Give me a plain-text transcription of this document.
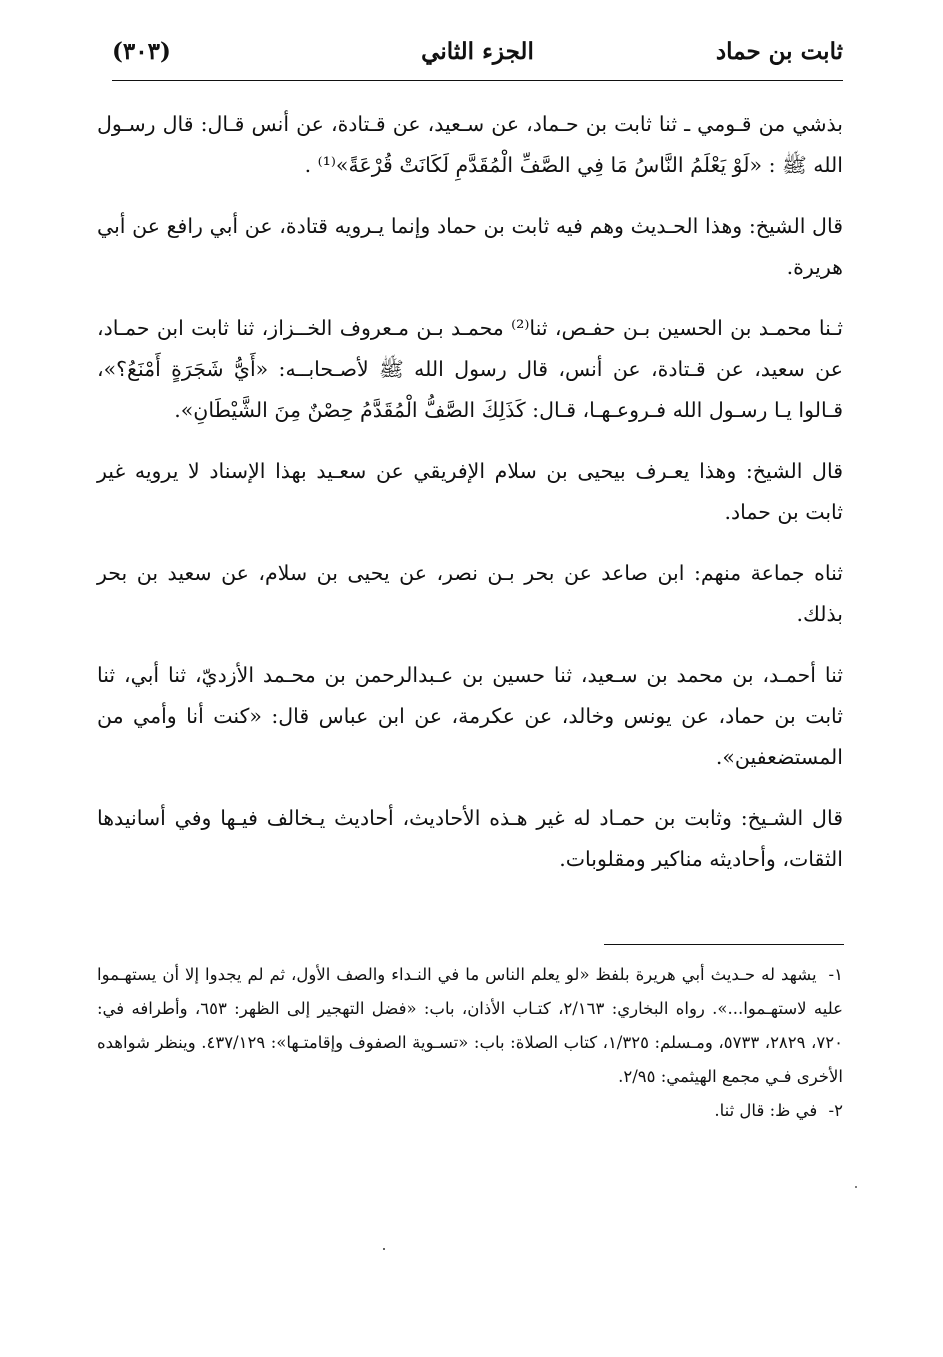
ثابت بن حماد
الجزء الثاني
(٣٠٣)

بذشي من قـومي ـ ثنا ثابت بن حـماد، عن سـعيد، عن قـتادة، عن أنس قـال: قال رسـول الله ﷺ : «لَوْ يَعْلَمُ النَّاسُ مَا فِي الصَّفِّ الْمُقَدَّمِ لَكَانَتْ قُرْعَةً»⁽¹⁾ .

قال الشيخ: وهذا الحـديث وهم فيه ثابت بن حماد وإنما يـرويه قتادة، عن أبي رافع عن أبي هريرة.

ثـنا محمـد بن الحسين بـن حفـص، ثنا⁽²⁾ محمـد بـن مـعروف الخــزاز، ثنا ثابت ابن حمـاد، عن سعيد، عن قـتادة، عن أنس، قال رسول الله ﷺ لأصـحابــه: «أَيُّ شَجَرَةٍ أَمْنَعُ؟»، قـالوا يـا رسـول الله فـروعـهـا، قـال: كَذَلِكَ الصَّفُّ الْمُقَدَّمُ حِصْنٌ مِنَ الشَّيْطَانِ».

قال الشيخ: وهذا يعـرف بيحيى بن سلام الإفريقي عن سعـيد بهذا الإسناد لا يرويه غير ثابت بن حماد.

ثناه جماعة منهم: ابن صاعد عن بحر بـن نصر، عن يحيى بن سلام، عن سعيد بن بحر بذلك.

ثنا أحمـد، بن محمد بن سـعيد، ثنا حسين بن عـبدالرحمن بن محـمد الأزديّ، ثنا أبي، ثنا ثابت بن حماد، عن يونس وخالد، عن عكرمة، عن ابن عباس قال: «كنت أنا وأمي من المستضعفين».

قال الشـيخ: وثابت بن حمـاد له غير هـذه الأحاديث، أحاديث يـخالف فيـها وفي أسانيدها الثقات، وأحاديثه مناكير ومقلوبات.

١- يشهد له حـديث أبي هريرة بلفظ «لو يعلم الناس ما في النـداء والصف الأول، ثم لم يجدوا إلا أن يستهـموا عليه لاستهـموا...». رواه البخاري: ٢/١٦٣، كتـاب الأذان، باب: «فضل التهجير إلى الظهر: ٦٥٣، وأطرافه في: ٧٢٠، ٢٨٢٩، ٥٧٣٣، ومـسلم: ١/٣٢٥، كتاب الصلاة: باب: «تسـوية الصفوف وإقامتـها»: ٤٣٧/١٢٩. وينظر شواهده الأخرى فـي مجمع الهيثمي: ٢/٩٥.

٢- في ظ: قال ثنا.
